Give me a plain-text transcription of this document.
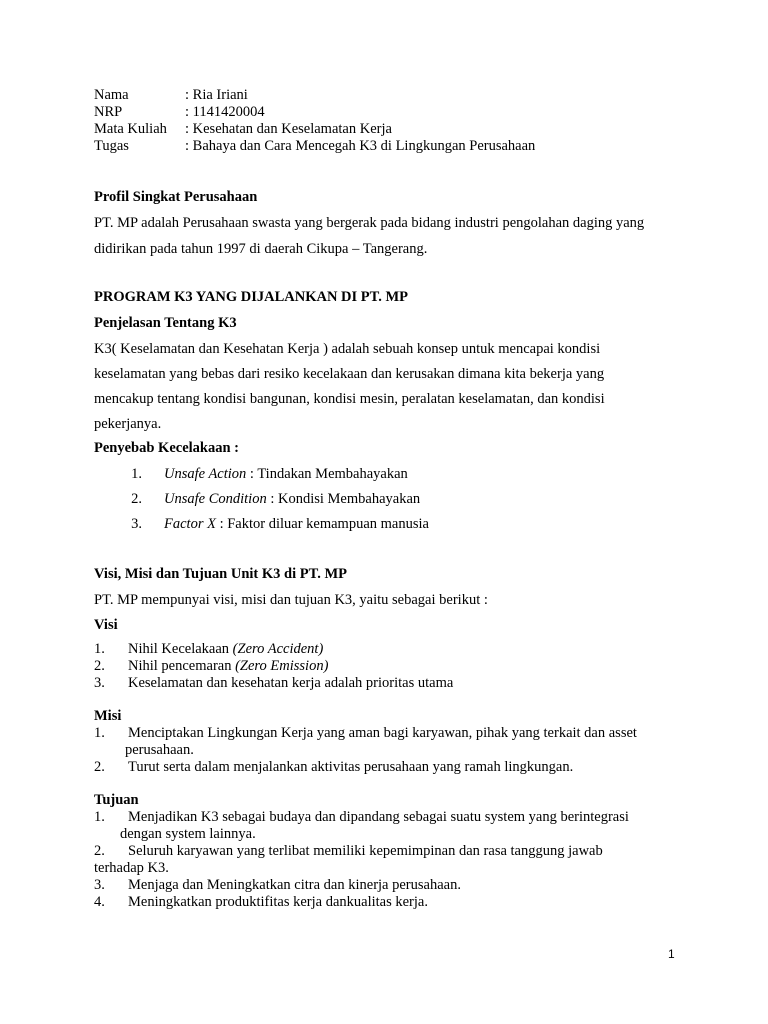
Nama	: Ria Iriani
NRP	: 1141420004
Mata Kuliah	: Kesehatan dan Keselamatan Kerja
Tugas	: Bahaya dan Cara Mencegah K3 di Lingkungan Perusahaan
Profil Singkat Perusahaan
PT. MP adalah Perusahaan swasta yang bergerak pada bidang industri pengolahan daging yang
didirikan pada tahun 1997 di daerah Cikupa – Tangerang.
PROGRAM K3 YANG DIJALANKAN DI PT. MP
Penjelasan Tentang K3
K3( Keselamatan dan Kesehatan Kerja ) adalah sebuah konsep untuk mencapai kondisi
keselamatan yang bebas dari resiko kecelakaan dan kerusakan dimana kita bekerja yang
mencakup tentang kondisi bangunan, kondisi mesin, peralatan keselamatan, dan kondisi
pekerjanya.
Penyebab Kecelakaan :
1.	Unsafe Action : Tindakan Membahayakan
2.	Unsafe Condition : Kondisi Membahayakan
3.	Factor X : Faktor diluar kemampuan manusia
Visi, Misi dan Tujuan Unit K3 di PT. MP
PT. MP mempunyai visi, misi dan tujuan K3, yaitu sebagai berikut :
Visi
1.	Nihil Kecelakaan (Zero Accident)
2.	Nihil pencemaran (Zero Emission)
3.	Keselamatan dan kesehatan kerja adalah prioritas utama
Misi
1.	Menciptakan Lingkungan Kerja yang aman bagi karyawan, pihak yang terkait dan asset
perusahaan.
2.	Turut serta dalam menjalankan aktivitas perusahaan yang ramah lingkungan.
Tujuan
1.	Menjadikan K3 sebagai budaya dan dipandang sebagai suatu system yang berintegrasi
dengan system lainnya.
2.	Seluruh karyawan yang terlibat memiliki kepemimpinan dan rasa tanggung jawab
terhadap K3.
3.	Menjaga dan Meningkatkan citra dan kinerja perusahaan.
4.	Meningkatkan produktifitas kerja dankualitas kerja.
1
